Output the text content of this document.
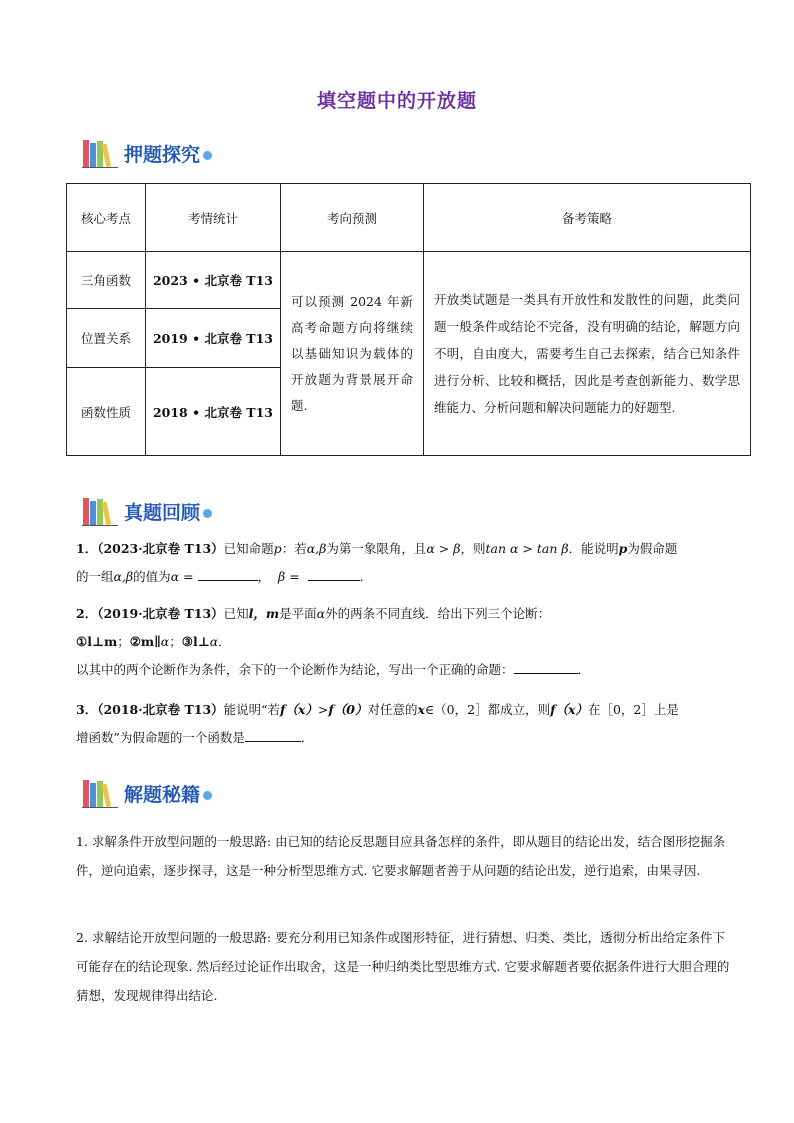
填空题中的开放题
押题探究
核心考点	考情统计	考向预测	备考策略
三角函数	2023 • 北京卷 T13	可以预测 2024 年新高考命题方向将继续以基础知识为载体的开放题为背景展开命题.	开放类试题是一类具有开放性和发散性的问题，此类问题一般条件或结论不完备，没有明确的结论，解题方向不明，自由度大，需要考生自己去探索，结合已知条件进行分析、比较和概括，因此是考查创新能力、数学思维能力、分析问题和解决问题能力的好题型.
位置关系	2019 • 北京卷 T13		
函数性质	2018 • 北京卷 T13		
真题回顾
1．（2023·北京卷 T13）已知命题p：若α,β为第一象限角，且α > β，则tan α > tan β．能说明p为假命题
的一组α,β的值为α =	， β =	．
2．（2019·北京卷 T13）已知l，m是平面α外的两条不同直线．给出下列三个论断：
①l⊥m；②m∥α；③l⊥α．
以其中的两个论断作为条件，余下的一个论断作为结论，写出一个正确的命题：	．
3．（2018·北京卷 T13）能说明“若f（x）>f（0）对任意的x∈（0，2］都成立，则f（x）在［0，2］上是
增函数”为假命题的一个函数是	．
解题秘籍
1. 求解条件开放型问题的一般思路: 由已知的结论反思题目应具备怎样的条件，即从题目的结论出发，结合图形挖掘条件，逆向追索，逐步探寻，这是一种分析型思维方式. 它要求解题者善于从问题的结论出发，逆行追索，由果寻因.
2. 求解结论开放型问题的一般思路: 要充分利用已知条件或图形特征，进行猜想、归类、类比，透彻分析出给定条件下可能存在的结论现象. 然后经过论证作出取舍，这是一种归纳类比型思维方式. 它要求解题者要依据条件进行大胆合理的猜想，发现规律得出结论.
